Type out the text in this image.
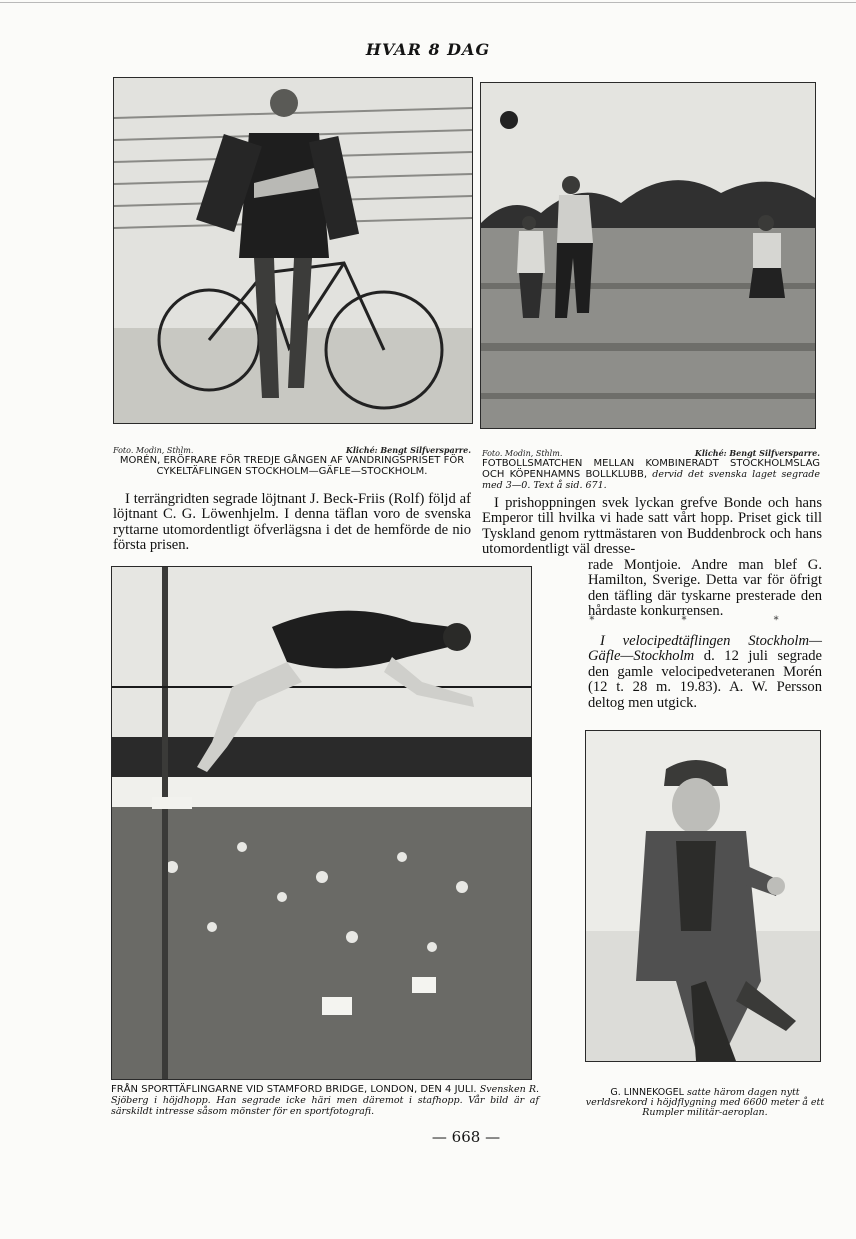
HVAR 8 DAG
Foto. Modin, Sthlm.	Kliché: Bengt Silfversparre.
MORÉN, ERÖFRARE FÖR TREDJE GÅNGEN AF VANDRINGSPRISET FÖR CYKELTÄFLINGEN STOCKHOLM—GÄFLE—STOCKHOLM.
Foto. Modin, Sthlm.	Kliché: Bengt Silfversparre.
FOTBOLLSMATCHEN MELLAN KOMBINERADT STOCKHOLMSLAG OCH KÖPENHAMNS BOLLKLUBB, dervid det svenska laget segrade med 3—0. Text å sid. 671.

I terrängridten segrade löjtnant J. Beck-Friis (Rolf) följd af löjtnant C. G. Löwenhjelm. I denna täflan voro de svenska ryttarne utomordentligt öfverlägsna i det de hemförde de nio första prisen.

I prishoppningen svek lyckan grefve Bonde och hans Emperor till hvilka vi hade satt vårt hopp. Priset gick till Tyskland genom ryttmästaren von Buddenbrock och hans utomordentligt väl dresse-

rade Montjoie. Andre man blef G. Hamilton, Sverige. Detta var för öfrigt den täfling där tyskarne presterade den hårdaste konkurrensen.

* * *

I velocipedtäflingen Stockholm—Gäfle—Stockholm d. 12 juli segrade den gamle velocipedveteranen Morén (12 t. 28 m. 19.83). A. W. Persson deltog men utgick.

FRÅN SPORTTÄFLINGARNE VID STAMFORD BRIDGE, LONDON, DEN 4 JULI. Svensken R. Sjöberg i höjdhopp. Han segrade icke häri men däremot i stafhopp. Vår bild är af särskildt intresse såsom mönster för en sportfotografi.
G. LINNEKOGEL satte härom dagen nytt verldsrekord i höjdflygning med 6600 meter å ett Rumpler militär-aeroplan.
— 668 —
